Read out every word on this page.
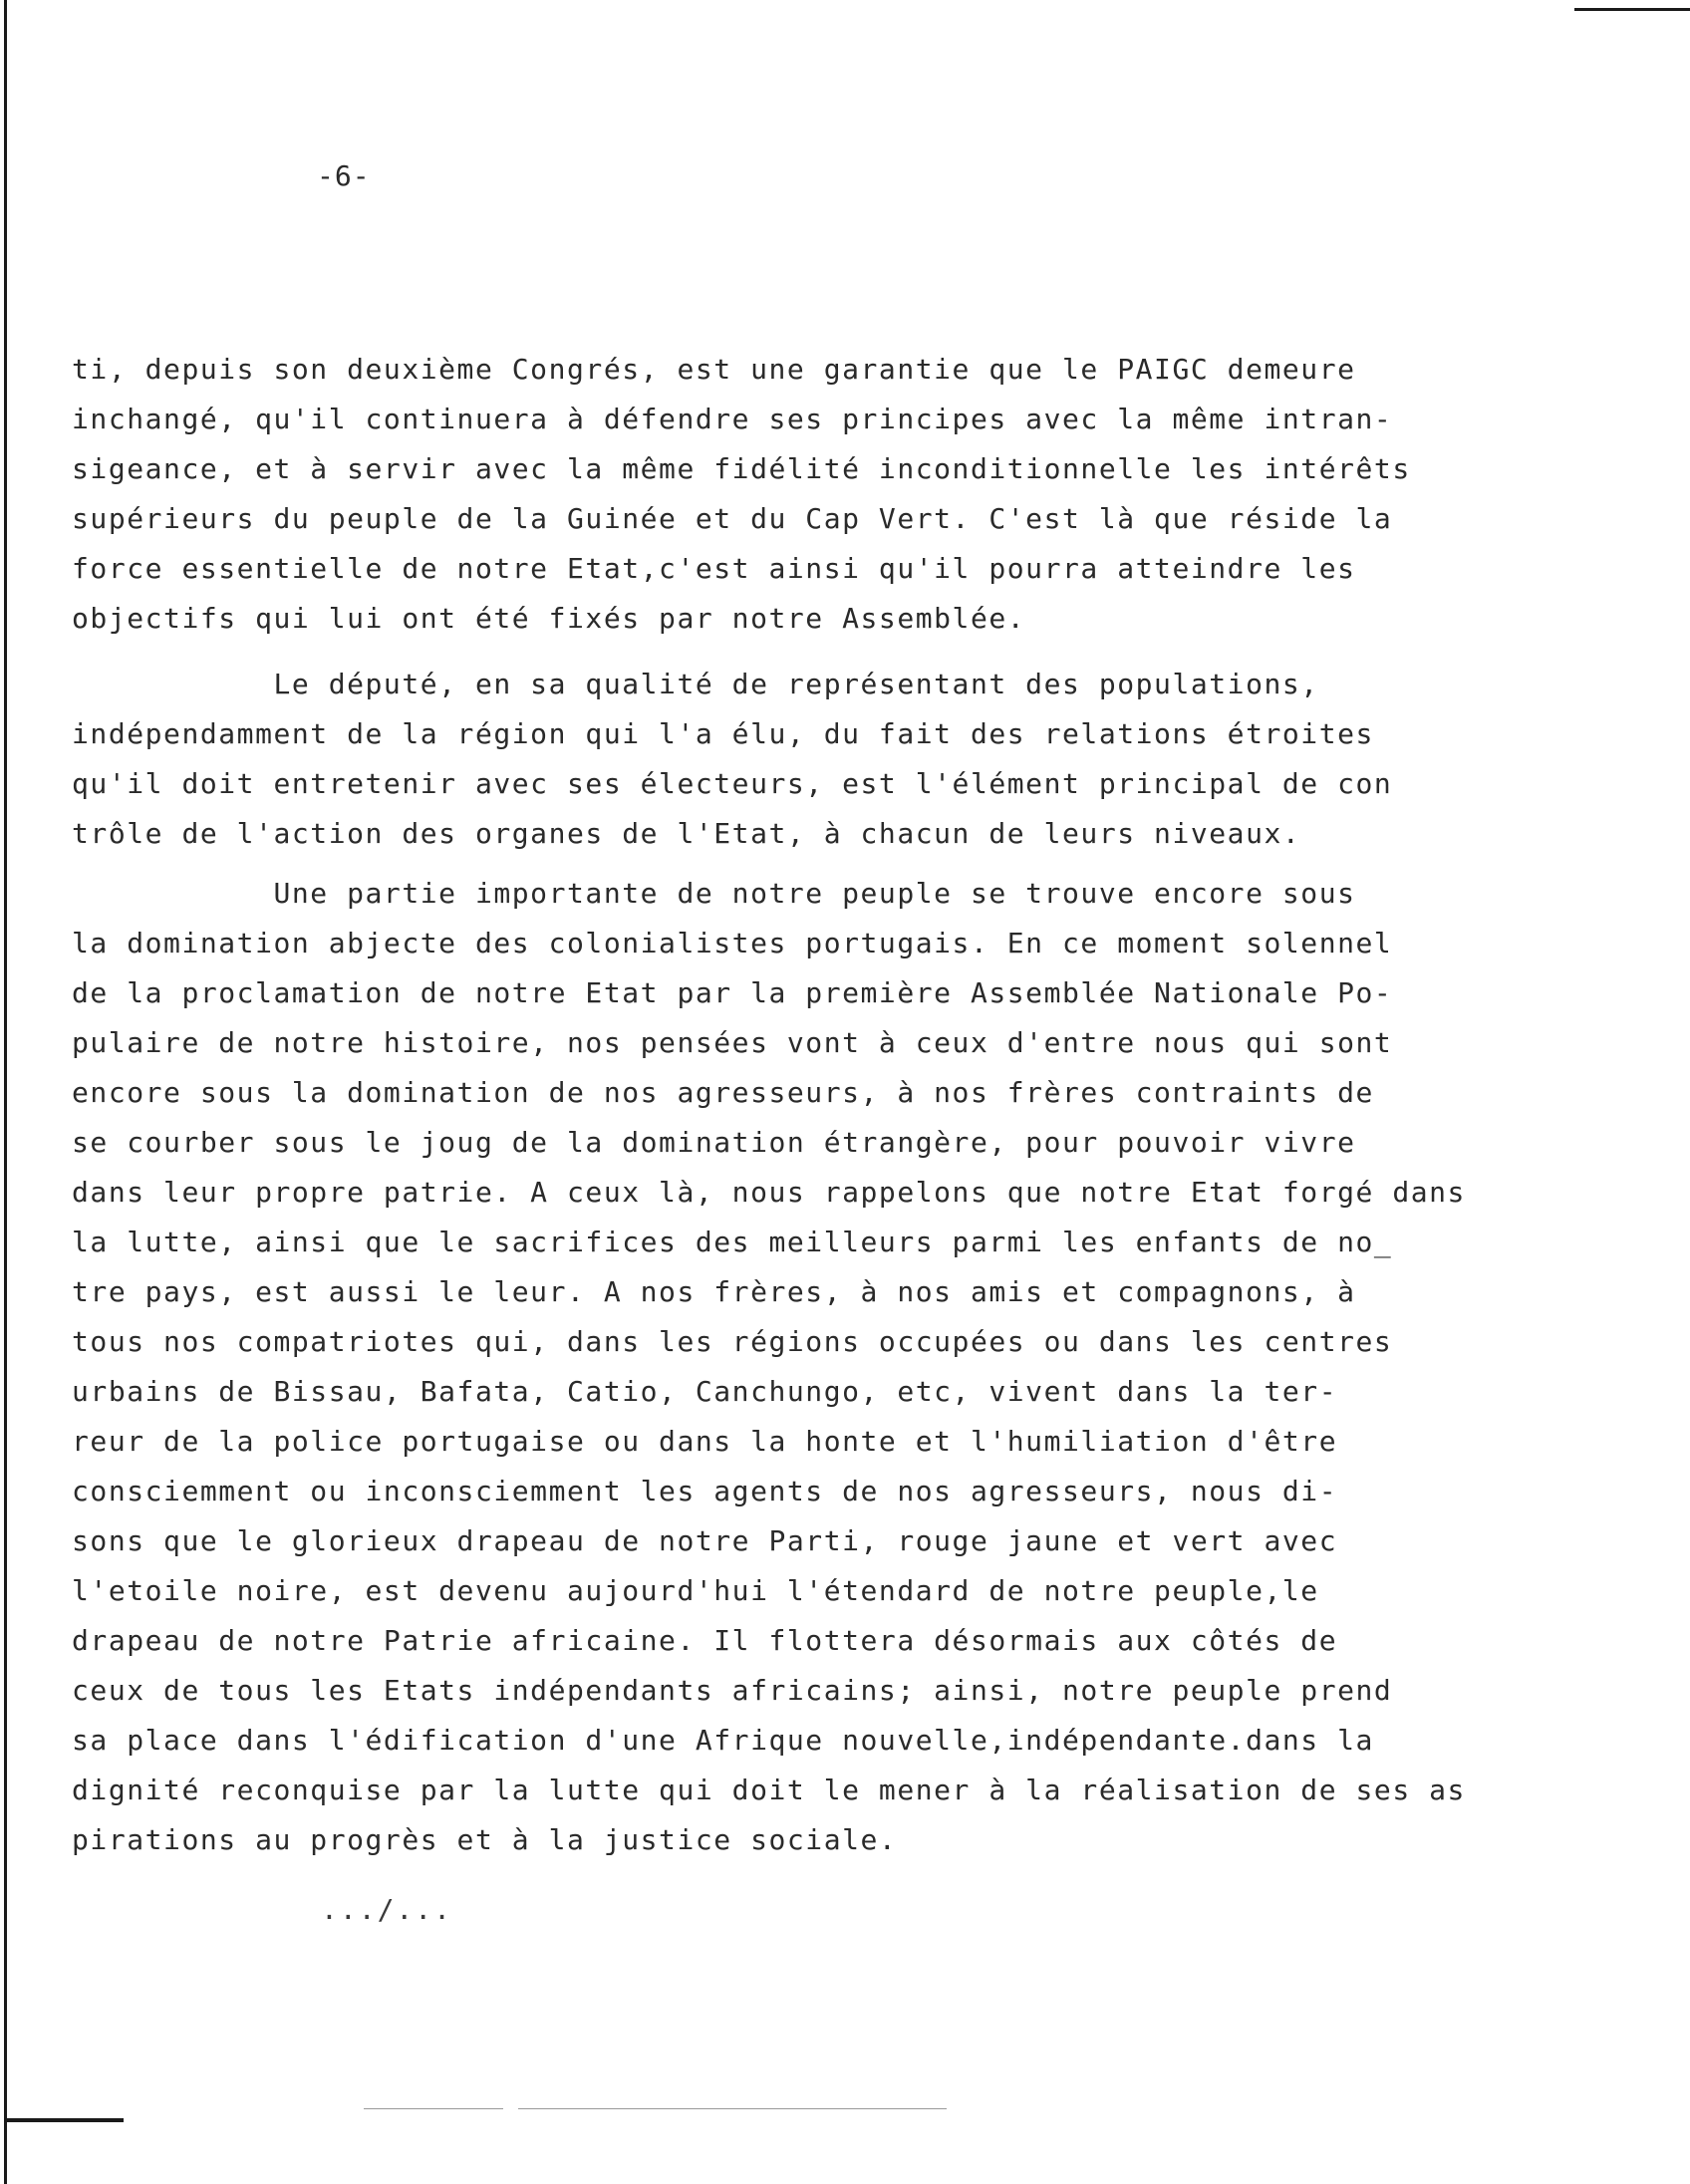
-6-
ti, depuis son deuxième Congrés, est une garantie que le PAIGC demeure
inchangé, qu'il continuera à défendre ses principes avec la même intran-
sigeance, et à servir avec la même fidélité inconditionnelle les intérêts
supérieurs du peuple de la Guinée et du Cap Vert. C'est là que réside la
force essentielle de notre Etat,c'est ainsi qu'il pourra atteindre les
objectifs qui lui ont été fixés par notre Assemblée.
Le député, en sa qualité de représentant des populations,
indépendamment de la région qui l'a élu, du fait des relations étroites
qu'il doit entretenir avec ses électeurs, est l'élément principal de con
trôle de l'action des organes de l'Etat, à chacun de leurs niveaux.
Une partie importante de notre peuple se trouve encore sous
la domination abjecte des colonialistes portugais. En ce moment solennel
de la proclamation de notre Etat par la première Assemblée Nationale Po-
pulaire de notre histoire, nos pensées vont à ceux d'entre nous qui sont
encore sous la domination de nos agresseurs, à nos frères contraints de
se courber sous le joug de la domination étrangère, pour pouvoir vivre
dans leur propre patrie. A ceux là, nous rappelons que notre Etat forgé dans
la lutte, ainsi que le sacrifices des meilleurs parmi les enfants de no_
tre pays, est aussi le leur. A nos frères, à nos amis et compagnons, à
tous nos compatriotes qui, dans les régions occupées ou dans les centres
urbains de Bissau, Bafata, Catio, Canchungo, etc, vivent dans la ter-
reur de la police portugaise ou dans la honte et l'humiliation d'être
consciemment ou inconsciemment les agents de nos agresseurs, nous di-
sons que le glorieux drapeau de notre Parti, rouge jaune et vert avec
l'etoile noire, est devenu aujourd'hui l'étendard de notre peuple,le
drapeau de notre Patrie africaine. Il flottera désormais aux côtés de
ceux de tous les Etats indépendants africains; ainsi, notre peuple prend
sa place dans l'édification d'une Afrique nouvelle,indépendante.dans la
dignité reconquise par la lutte qui doit le mener à la réalisation de ses as
pirations au progrès et à la justice sociale.
.../...
